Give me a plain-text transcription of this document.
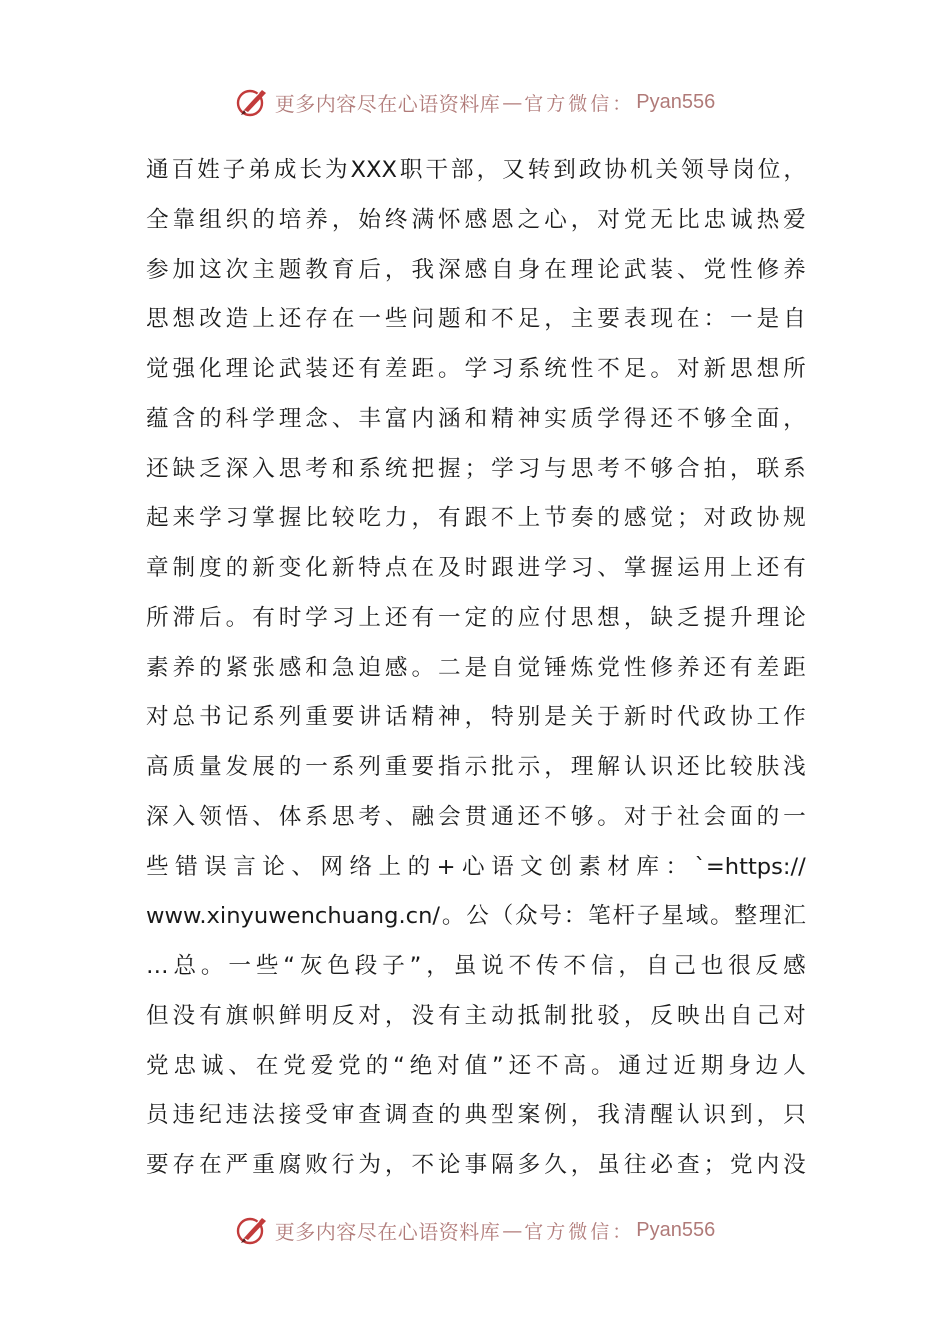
更多内容尽在心语资料库 — 官方微信： Pyan556
通 百 姓 子 弟 成 长 为 XXX 职 干 部 ， 又 转 到 政 协 机 关 领 导 岗 位 ，
全 靠 组 织 的 培 养 ， 始 终 满 怀 感 恩 之 心 ， 对 党 无 比 忠 诚 热 爱
参 加 这 次 主 题 教 育 后 ， 我 深 感 自 身 在 理 论 武 装 、 党 性 修 养
思 想 改 造 上 还 存 在 一 些 问 题 和 不 足 ， 主 要 表 现 在 ： 一 是 自
觉 强 化 理 论 武 装 还 有 差 距 。 学 习 系 统 性 不 足 。 对 新 思 想 所
蕴 含 的 科 学 理 念 、 丰 富 内 涵 和 精 神 实 质 学 得 还 不 够 全 面 ，
还 缺 乏 深 入 思 考 和 系 统 把 握 ； 学 习 与 思 考 不 够 合 拍 ， 联 系
起 来 学 习 掌 握 比 较 吃 力 ， 有 跟 不 上 节 奏 的 感 觉 ； 对 政 协 规
章 制 度 的 新 变 化 新 特 点 在 及 时 跟 进 学 习 、 掌 握 运 用 上 还 有
所 滞 后 。 有 时 学 习 上 还 有 一 定 的 应 付 思 想 ， 缺 乏 提 升 理 论
素 养 的 紧 张 感 和 急 迫 感 。 二 是 自 觉 锤 炼 党 性 修 养 还 有 差 距
对 总 书 记 系 列 重 要 讲 话 精 神 ， 特 别 是 关 于 新 时 代 政 协 工 作
高 质 量 发 展 的 一 系 列 重 要 指 示 批 示 ， 理 解 认 识 还 比 较 肤 浅
深 入 领 悟 、 体 系 思 考 、 融 会 贯 通 还 不 够 。 对 于 社 会 面 的 一
些 错 误 言 论 、 网 络 上 的 + 心 语 文 创 素 材 库 ： `=https://
www.xinyuwenchuang.cn/ 。 公 （ 众 号 ： 笔 杆 子 星 域 。 整 理 汇
… 总 。 一 些 “ 灰 色 段 子 ” ， 虽 说 不 传 不 信 ， 自 己 也 很 反 感
但 没 有 旗 帜 鲜 明 反 对 ， 没 有 主 动 抵 制 批 驳 ， 反 映 出 自 己 对
党 忠 诚 、 在 党 爱 党 的 “ 绝 对 值 ” 还 不 高 。 通 过 近 期 身 边 人
员 违 纪 违 法 接 受 审 查 调 查 的 典 型 案 例 ， 我 清 醒 认 识 到 ， 只
要 存 在 严 重 腐 败 行 为 ， 不 论 事 隔 多 久 ， 虽 往 必 查 ； 党 内 没
更多内容尽在心语资料库 — 官方微信： Pyan556
